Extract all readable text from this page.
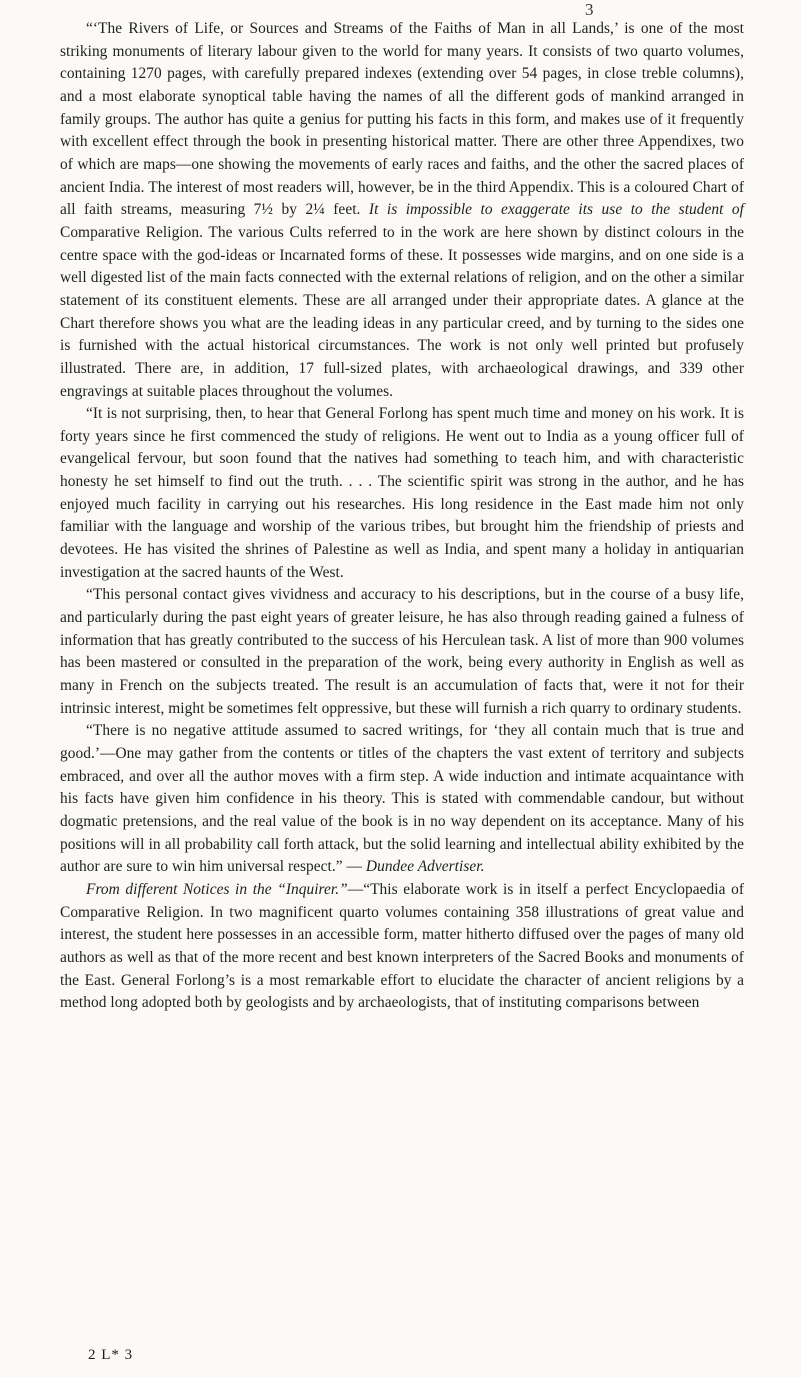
3

“‘The Rivers of Life, or Sources and Streams of the Faiths of Man in all Lands,’ is one of the most striking monuments of literary labour given to the world for many years. It consists of two quarto volumes, containing 1270 pages, with carefully prepared indexes (extending over 54 pages, in close treble columns), and a most elaborate synoptical table having the names of all the different gods of mankind arranged in family groups. The author has quite a genius for putting his facts in this form, and makes use of it frequently with excellent effect through the book in presenting historical matter. There are other three Appendixes, two of which are maps—one showing the movements of early races and faiths, and the other the sacred places of ancient India. The interest of most readers will, however, be in the third Appendix. This is a coloured Chart of all faith streams, measuring 7½ by 2¼ feet. It is impossible to exaggerate its use to the student of Comparative Religion. The various Cults referred to in the work are here shown by distinct colours in the centre space with the god-ideas or Incarnated forms of these. It possesses wide margins, and on one side is a well digested list of the main facts connected with the external relations of religion, and on the other a similar statement of its constituent elements. These are all arranged under their appropriate dates. A glance at the Chart therefore shows you what are the leading ideas in any particular creed, and by turning to the sides one is furnished with the actual historical circumstances. The work is not only well printed but profusely illustrated. There are, in addition, 17 full-sized plates, with archaeological drawings, and 339 other engravings at suitable places throughout the volumes.

“It is not surprising, then, to hear that General Forlong has spent much time and money on his work. It is forty years since he first commenced the study of religions. He went out to India as a young officer full of evangelical fervour, but soon found that the natives had something to teach him, and with characteristic honesty he set himself to find out the truth. . . . The scientific spirit was strong in the author, and he has enjoyed much facility in carrying out his researches. His long residence in the East made him not only familiar with the language and worship of the various tribes, but brought him the friendship of priests and devotees. He has visited the shrines of Palestine as well as India, and spent many a holiday in antiquarian investigation at the sacred haunts of the West.

“This personal contact gives vividness and accuracy to his descriptions, but in the course of a busy life, and particularly during the past eight years of greater leisure, he has also through reading gained a fulness of information that has greatly contributed to the success of his Herculean task. A list of more than 900 volumes has been mastered or consulted in the preparation of the work, being every authority in English as well as many in French on the subjects treated. The result is an accumulation of facts that, were it not for their intrinsic interest, might be sometimes felt oppressive, but these will furnish a rich quarry to ordinary students.

“There is no negative attitude assumed to sacred writings, for ‘they all contain much that is true and good.’—One may gather from the contents or titles of the chapters the vast extent of territory and subjects embraced, and over all the author moves with a firm step. A wide induction and intimate acquaintance with his facts have given him confidence in his theory. This is stated with commendable candour, but without dogmatic pretensions, and the real value of the book is in no way dependent on its acceptance. Many of his positions will in all probability call forth attack, but the solid learning and intellectual ability exhibited by the author are sure to win him universal respect.” — Dundee Advertiser.

From different Notices in the “Inquirer.”—“This elaborate work is in itself a perfect Encyclopaedia of Comparative Religion. In two magnificent quarto volumes containing 358 illustrations of great value and interest, the student here possesses in an accessible form, matter hitherto diffused over the pages of many old authors as well as that of the more recent and best known interpreters of the Sacred Books and monuments of the East. General Forlong’s is a most remarkable effort to elucidate the character of ancient religions by a method long adopted both by geologists and by archaeologists, that of instituting comparisons between

2 L* 3
